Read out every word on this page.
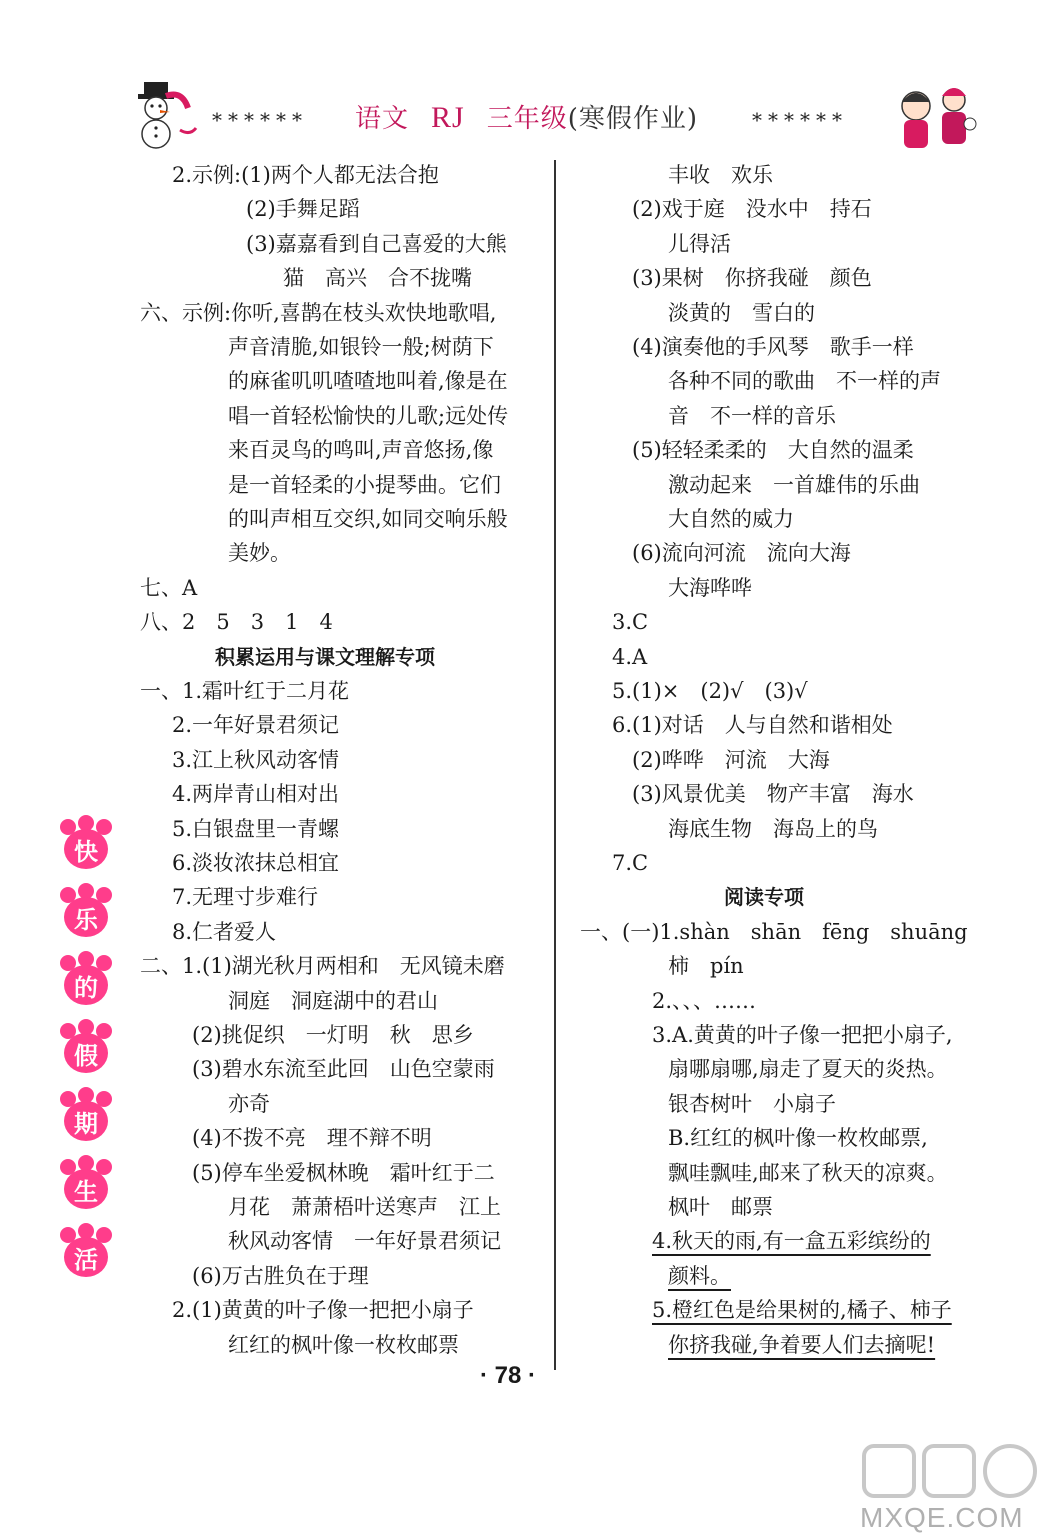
****** 语文 RJ 三年级(寒假作业)	******
2.示例:(1)两个人都无法合抱
(2)手舞足蹈
(3)嘉嘉看到自己喜爱的大熊
猫　高兴　合不拢嘴
六、示例:你听,喜鹊在枝头欢快地歌唱,
声音清脆,如银铃一般;树荫下
的麻雀叽叽喳喳地叫着,像是在
唱一首轻松愉快的儿歌;远处传
来百灵鸟的鸣叫,声音悠扬,像
是一首轻柔的小提琴曲。它们
的叫声相互交织,如同交响乐般
美妙。
七、A
八、2　5　3　1　4
积累运用与课文理解专项
一、1.霜叶红于二月花
2.一年好景君须记
3.江上秋风动客情
4.两岸青山相对出
5.白银盘里一青螺
6.淡妆浓抹总相宜
7.无理寸步难行
8.仁者爱人
二、1.(1)湖光秋月两相和　无风镜未磨
洞庭　洞庭湖中的君山
(2)挑促织　一灯明　秋　思乡
(3)碧水东流至此回　山色空蒙雨
亦奇
(4)不拨不亮　理不辩不明
(5)停车坐爱枫林晚　霜叶红于二
月花　萧萧梧叶送寒声　江上
秋风动客情　一年好景君须记
(6)万古胜负在于理
2.(1)黄黄的叶子像一把把小扇子
红红的枫叶像一枚枚邮票
丰收　欢乐
(2)戏于庭　没水中　持石
儿得活
(3)果树　你挤我碰　颜色
淡黄的　雪白的
(4)演奏他的手风琴　歌手一样
各种不同的歌曲　不一样的声
音　不一样的音乐
(5)轻轻柔柔的　大自然的温柔
激动起来　一首雄伟的乐曲
大自然的威力
(6)流向河流　流向大海
大海哗哗
3.C
4.A
5.(1)×　(2)√　(3)√
6.(1)对话　人与自然和谐相处
(2)哗哗　河流　大海
(3)风景优美　物产丰富　海水
海底生物　海岛上的鸟
7.C
阅读专项
一、(一)1.shàn　shān　fēng　shuāng
柿　pín
2.、、、……
3.A.黄黄的叶子像一把把小扇子,
扇哪扇哪,扇走了夏天的炎热。
银杏树叶　小扇子
B.红红的枫叶像一枚枚邮票,
飘哇飘哇,邮来了秋天的凉爽。
枫叶　邮票
4.秋天的雨,有一盒五彩缤纷的
颜料。
5.橙红色是给果树的,橘子、柿子
你挤我碰,争着要人们去摘呢!
快
乐
的
假
期
生
活
· 78 ·
MXQE.COM
